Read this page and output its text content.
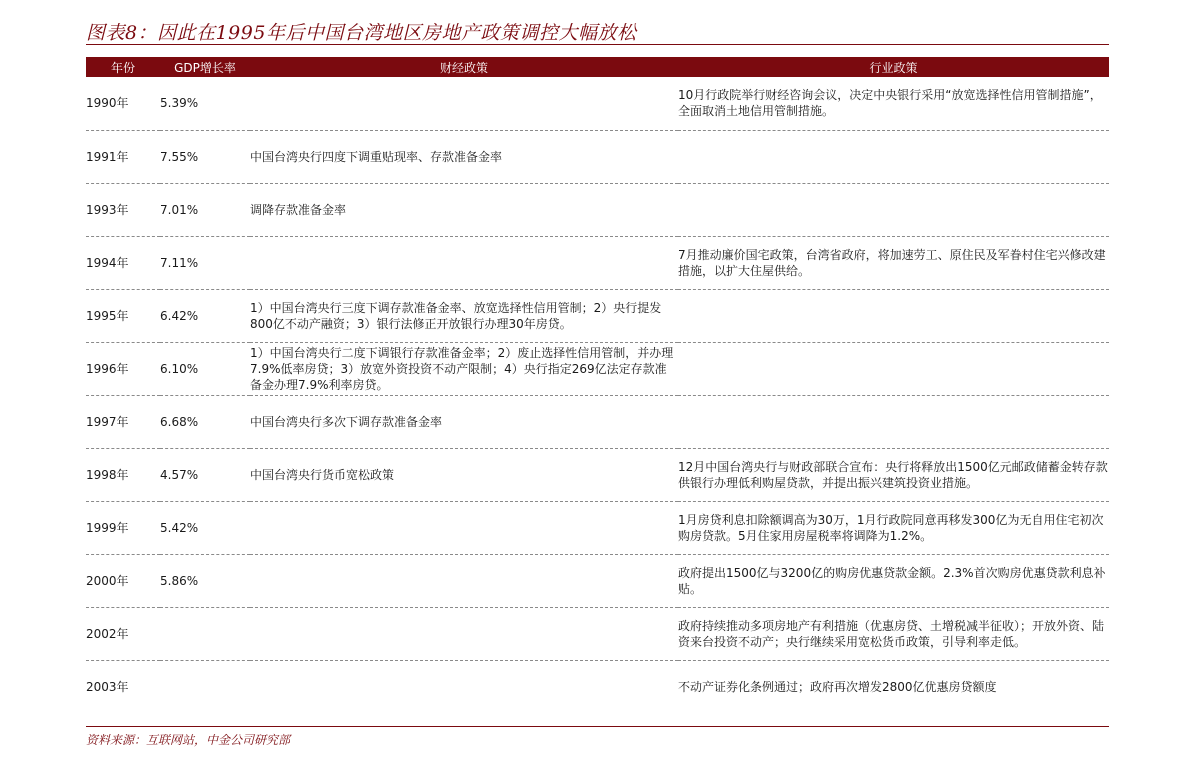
图表8：因此在1995年后中国台湾地区房地产政策调控大幅放松
年份	GDP增长率	财经政策	行业政策
1990年	5.39%		10月行政院举行财经咨询会议，决定中央银行采用“放宽选择性信用管制措施”，全面取消土地信用管制措施。
1991年	7.55%	中国台湾央行四度下调重贴现率、存款准备金率	
1993年	7.01%	调降存款准备金率	
1994年	7.11%		7月推动廉价国宅政策，台湾省政府，将加速劳工、原住民及军眷村住宅兴修改建措施，以扩大住屋供给。
1995年	6.42%	1）中国台湾央行三度下调存款准备金率、放宽选择性信用管制；2）央行提发800亿不动产融资；3）银行法修正开放银行办理30年房贷。	
1996年	6.10%	1）中国台湾央行二度下调银行存款准备金率；2）废止选择性信用管制，并办理7.9%低率房贷；3）放宽外资投资不动产限制；4）央行指定269亿法定存款准备金办理7.9%利率房贷。	
1997年	6.68%	中国台湾央行多次下调存款准备金率	
1998年	4.57%	中国台湾央行货币宽松政策	12月中国台湾央行与财政部联合宣布：央行将释放出1500亿元邮政储蓄金转存款供银行办理低利购屋贷款，并提出振兴建筑投资业措施。
1999年	5.42%		1月房贷利息扣除额调高为30万，1月行政院同意再移发300亿为无自用住宅初次购房贷款。5月住家用房屋税率将调降为1.2%。
2000年	5.86%		政府提出1500亿与3200亿的购房优惠贷款金额。2.3%首次购房优惠贷款利息补贴。
2002年			政府持续推动多项房地产有利措施（优惠房贷、土增税减半征收）；开放外资、陆资来台投资不动产；央行继续采用宽松货币政策，引导利率走低。
2003年			不动产证券化条例通过；政府再次增发2800亿优惠房贷额度
资料来源：互联网站，中金公司研究部
